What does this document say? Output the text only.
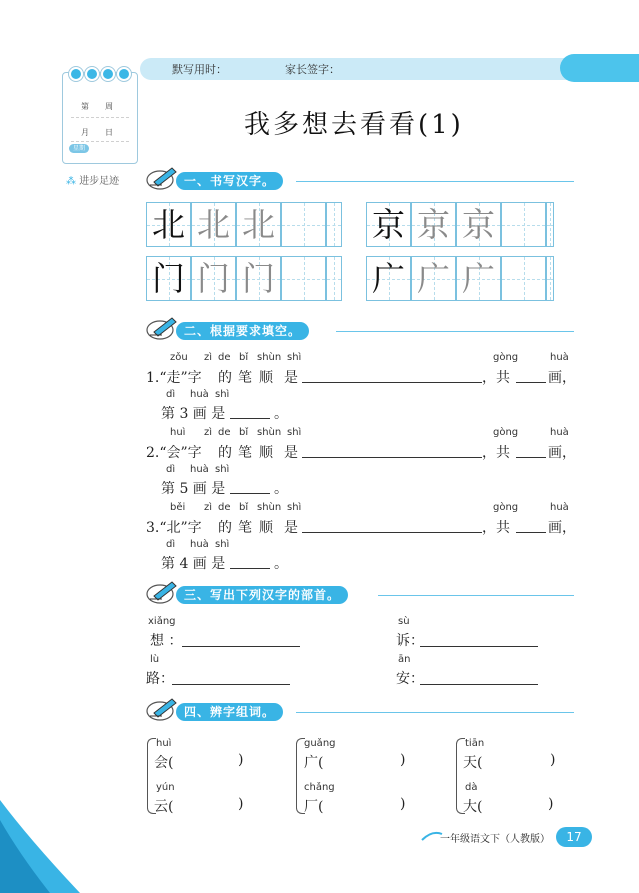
默写用时：	家长签字：
第　　周
月　　日
星期
⁂ 进步足迹
我多想去看看(1)
一、书写汉字。
北 北 北	京 京 京
门 门 门	广 广 广
二、根据要求填空。
zǒu zì de bǐ shùn shì	gòng	huà
1.“走”字 的 笔 顺 是	，共	画，
dì huà shì
第 3 画 是	。
huì zì de bǐ shùn shì	gòng	huà
2.“会”字 的 笔 顺 是	，共	画，
dì huà shì
第 5 画 是	。
běi zì de bǐ shùn shì	gòng	huà
3.“北”字 的 笔 顺 是	，共	画，
dì huà shì
第 4 画 是	。
三、写出下列汉字的部首。
xiǎng
想 ：
sù
诉：
lù
路：
ān
安：
四、辨字组词。
huì
会(	)
yún
云(	)
guǎng
广(	)
chǎng
厂(	)
tiān
天(	)
dà
大(	)
一年级语文下（人教版）	17
